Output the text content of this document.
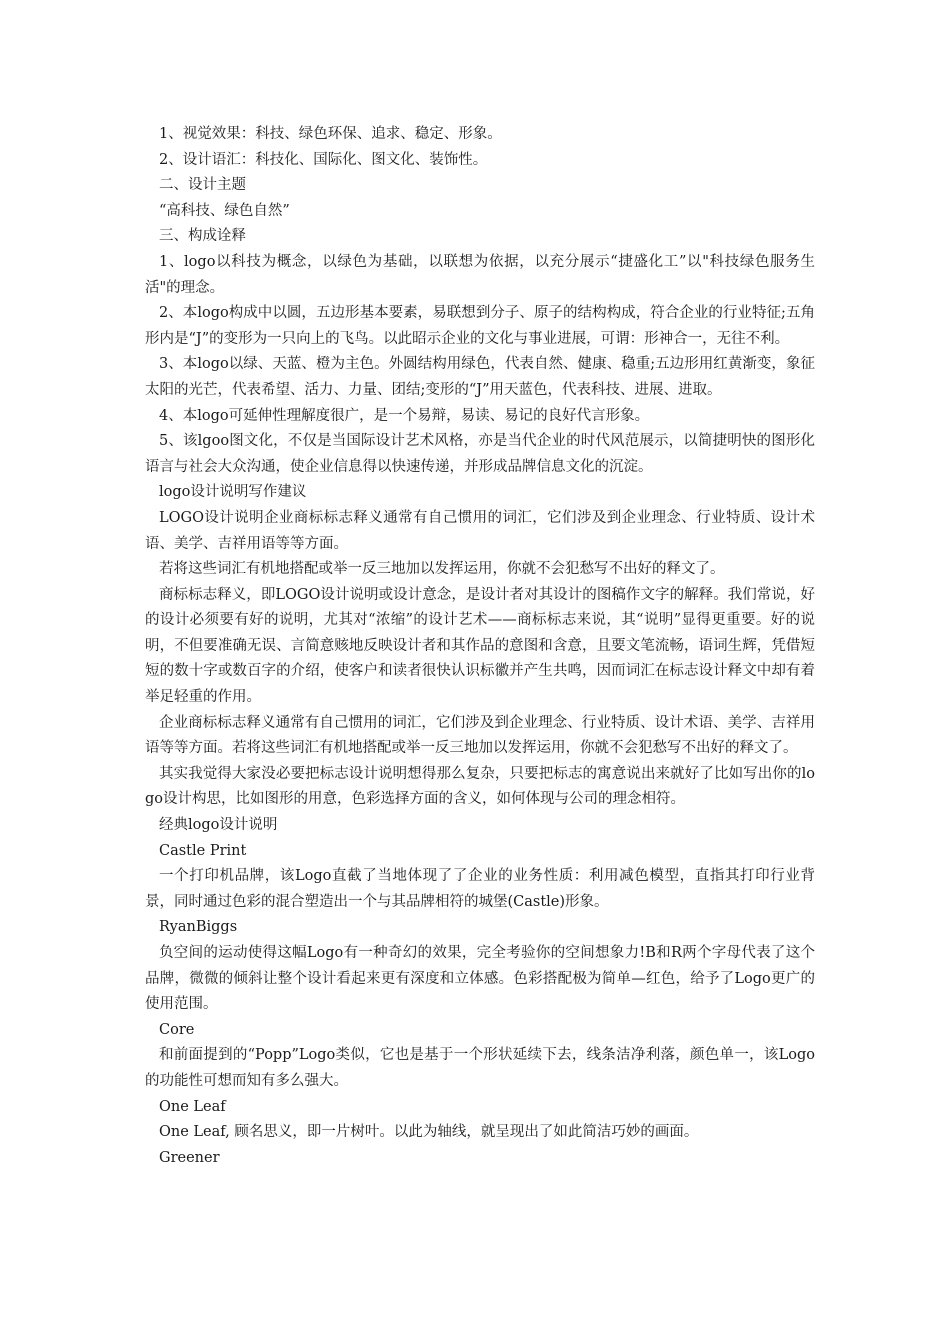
1、视觉效果：科技、绿色环保、追求、稳定、形象。

2、设计语汇：科技化、国际化、图文化、装饰性。

二、设计主题

“高科技、绿色自然”

三、构成诠释

1、logo以科技为概念，以绿色为基础，以联想为依据，以充分展示“捷盛化工”以"科技绿色服务生活"的理念。

2、本logo构成中以圆，五边形基本要素，易联想到分子、原子的结构构成，符合企业的行业特征;五角形内是“J”的变形为一只向上的飞鸟。以此昭示企业的文化与事业进展，可谓：形神合一，无往不利。

3、本logo以绿、天蓝、橙为主色。外圆结构用绿色，代表自然、健康、稳重;五边形用红黄渐变，象征太阳的光芒，代表希望、活力、力量、团结;变形的“J”用天蓝色，代表科技、进展、进取。

4、本logo可延伸性理解度很广，是一个易辩，易读、易记的良好代言形象。

5、该lgoo图文化，不仅是当国际设计艺术风格，亦是当代企业的时代风范展示，以简捷明快的图形化语言与社会大众沟通，使企业信息得以快速传递，并形成品牌信息文化的沉淀。

logo设计说明写作建议

LOGO设计说明企业商标标志释义通常有自己惯用的词汇，它们涉及到企业理念、行业特质、设计术语、美学、吉祥用语等等方面。

若将这些词汇有机地搭配或举一反三地加以发挥运用，你就不会犯愁写不出好的释文了。

商标标志释义，即LOGO设计说明或设计意念，是设计者对其设计的图稿作文字的解释。我们常说，好的设计必须要有好的说明，尤其对“浓缩”的设计艺术——商标标志来说，其“说明”显得更重要。好的说明，不但要准确无误、言简意赅地反映设计者和其作品的意图和含意，且要文笔流畅，语词生辉，凭借短短的数十字或数百字的介绍，使客户和读者很快认识标徽并产生共鸣，因而词汇在标志设计释文中却有着举足轻重的作用。

企业商标标志释义通常有自己惯用的词汇，它们涉及到企业理念、行业特质、设计术语、美学、吉祥用语等等方面。若将这些词汇有机地搭配或举一反三地加以发挥运用，你就不会犯愁写不出好的释文了。

其实我觉得大家没必要把标志设计说明想得那么复杂，只要把标志的寓意说出来就好了比如写出你的logo设计构思，比如图形的用意，色彩选择方面的含义，如何体现与公司的理念相符。

经典logo设计说明

Castle Print

一个打印机品牌，该Logo直截了当地体现了了企业的业务性质：利用减色模型，直指其打印行业背景，同时通过色彩的混合塑造出一个与其品牌相符的城堡(Castle)形象。

RyanBiggs

负空间的运动使得这幅Logo有一种奇幻的效果，完全考验你的空间想象力!B和R两个字母代表了这个品牌，微微的倾斜让整个设计看起来更有深度和立体感。色彩搭配极为简单—红色，给予了Logo更广的使用范围。

Core

和前面提到的“Popp”Logo类似，它也是基于一个形状延续下去，线条洁净利落，颜色单一，该Logo的功能性可想而知有多么强大。

One Leaf

One Leaf, 顾名思义，即一片树叶。以此为轴线，就呈现出了如此简洁巧妙的画面。

Greener
